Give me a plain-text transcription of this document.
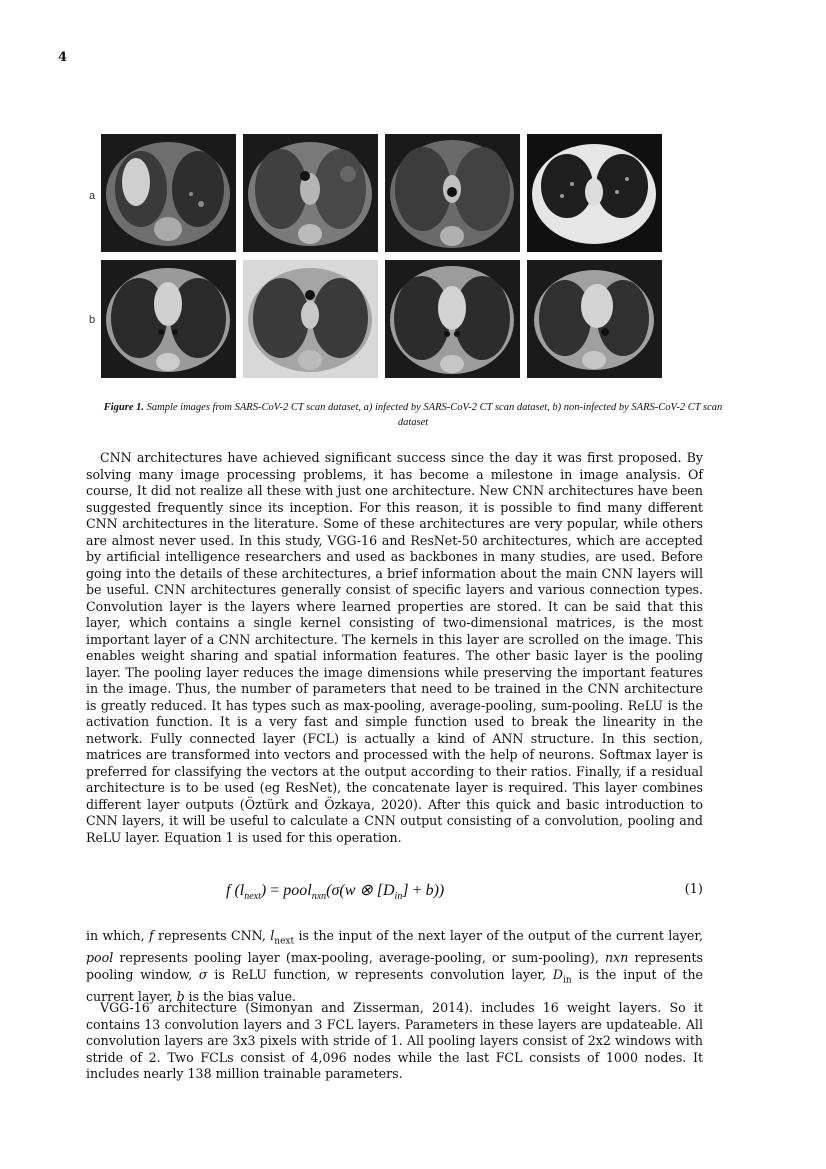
4
a
b
Figure 1. Sample images from SARS-CoV-2 CT scan dataset, a) infected by SARS-CoV-2 CT scan dataset, b) non-infected by SARS-CoV-2 CT scan dataset

CNN architectures have achieved significant success since the day it was first proposed. By solving many image processing problems, it has become a milestone in image analysis. Of course, It did not realize all these with just one architecture. New CNN architectures have been suggested frequently since its inception. For this reason, it is possible to find many different CNN architectures in the literature. Some of these architectures are very popular, while others are almost never used. In this study, VGG-16 and ResNet-50 architectures, which are accepted by artificial intelligence researchers and used as backbones in many studies, are used. Before going into the details of these architectures, a brief information about the main CNN layers will be useful. CNN architectures generally consist of specific layers and various connection types. Convolution layer is the layers where learned properties are stored. It can be said that this layer, which contains a single kernel consisting of two-dimensional matrices, is the most important layer of a CNN architecture. The kernels in this layer are scrolled on the image. This enables weight sharing and spatial information features. The other basic layer is the pooling layer. The pooling layer reduces the image dimensions while preserving the important features in the image. Thus, the number of parameters that need to be trained in the CNN architecture is greatly reduced. It has types such as max-pooling, average-pooling, sum-pooling. ReLU is the activation function. It is a very fast and simple function used to break the linearity in the network. Fully connected layer (FCL) is actually a kind of ANN structure. In this section, matrices are transformed into vectors and processed with the help of neurons. Softmax layer is preferred for classifying the vectors at the output according to their ratios. Finally, if a residual architecture is to be used (eg ResNet), the concatenate layer is required. This layer combines different layer outputs (Öztürk and Özkaya, 2020). After this quick and basic introduction to CNN layers, it will be useful to calculate a CNN output consisting of a convolution, pooling and ReLU layer. Equation 1 is used for this operation.

f $(l_{next})$ = pool$_{nxn}$(σ(w ⊗ $[D_{in}] + b$))	(1)

in which, f represents CNN, $l_{next}$ is the input of the next layer of the output of the current layer, pool represents pooling layer (max-pooling, average-pooling, or sum-pooling), nxn represents pooling window, σ is ReLU function, w represents convolution layer, $D_{in}$ is the input of the current layer, b is the bias value.

VGG-16 architecture (Simonyan and Zisserman, 2014). includes 16 weight layers. So it contains 13 convolution layers and 3 FCL layers. Parameters in these layers are updateable. All convolution layers are 3x3 pixels with stride of 1. All pooling layers consist of 2x2 windows with stride of 2. Two FCLs consist of 4,096 nodes while the last FCL consists of 1000 nodes. It includes nearly 138 million trainable parameters.
